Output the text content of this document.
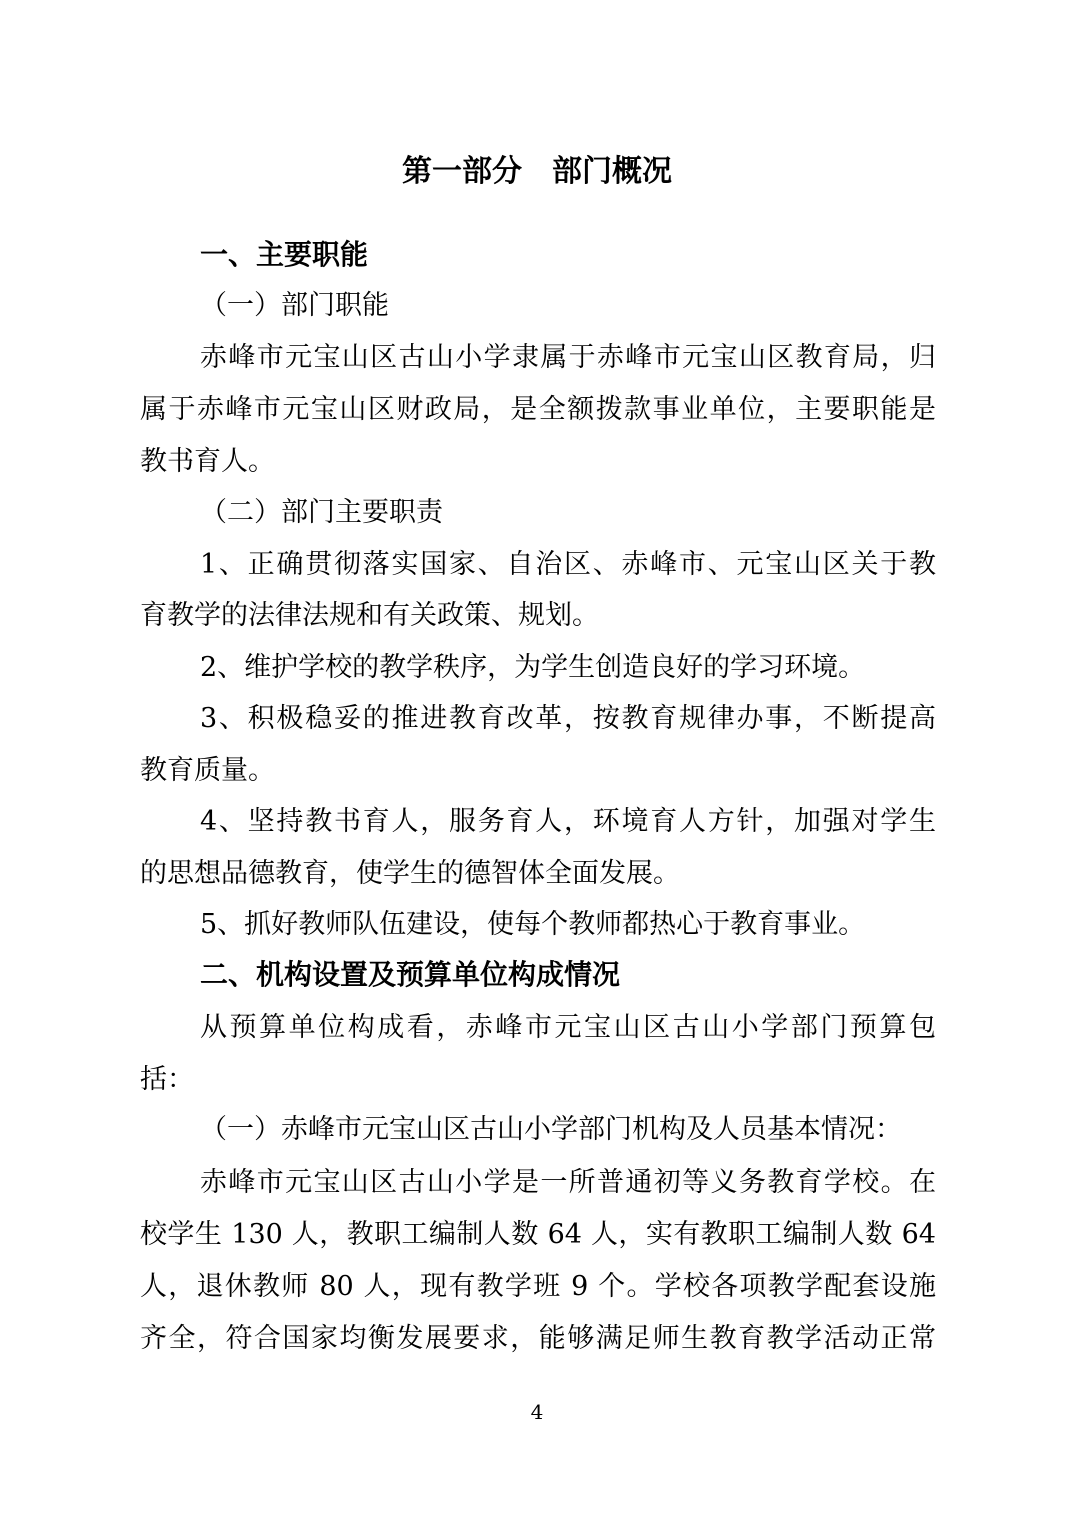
第一部分　部门概况
一、主要职能
（一）部门职能
赤峰市元宝山区古山小学隶属于赤峰市元宝山区教育局，归
属于赤峰市元宝山区财政局，是全额拨款事业单位，主要职能是
教书育人。
（二）部门主要职责
1、正确贯彻落实国家、自治区、赤峰市、元宝山区关于教
育教学的法律法规和有关政策、规划。
2、维护学校的教学秩序，为学生创造良好的学习环境。
3、积极稳妥的推进教育改革，按教育规律办事，不断提高
教育质量。
4、坚持教书育人，服务育人，环境育人方针，加强对学生
的思想品德教育，使学生的德智体全面发展。
5、抓好教师队伍建设，使每个教师都热心于教育事业。
二、机构设置及预算单位构成情况
从预算单位构成看，赤峰市元宝山区古山小学部门预算包
括：
（一）赤峰市元宝山区古山小学部门机构及人员基本情况：
赤峰市元宝山区古山小学是一所普通初等义务教育学校。在
校学生 130 人，教职工编制人数 64 人，实有教职工编制人数 64
人，退休教师 80 人，现有教学班 9 个。学校各项教学配套设施
齐全，符合国家均衡发展要求，能够满足师生教育教学活动正常
4
